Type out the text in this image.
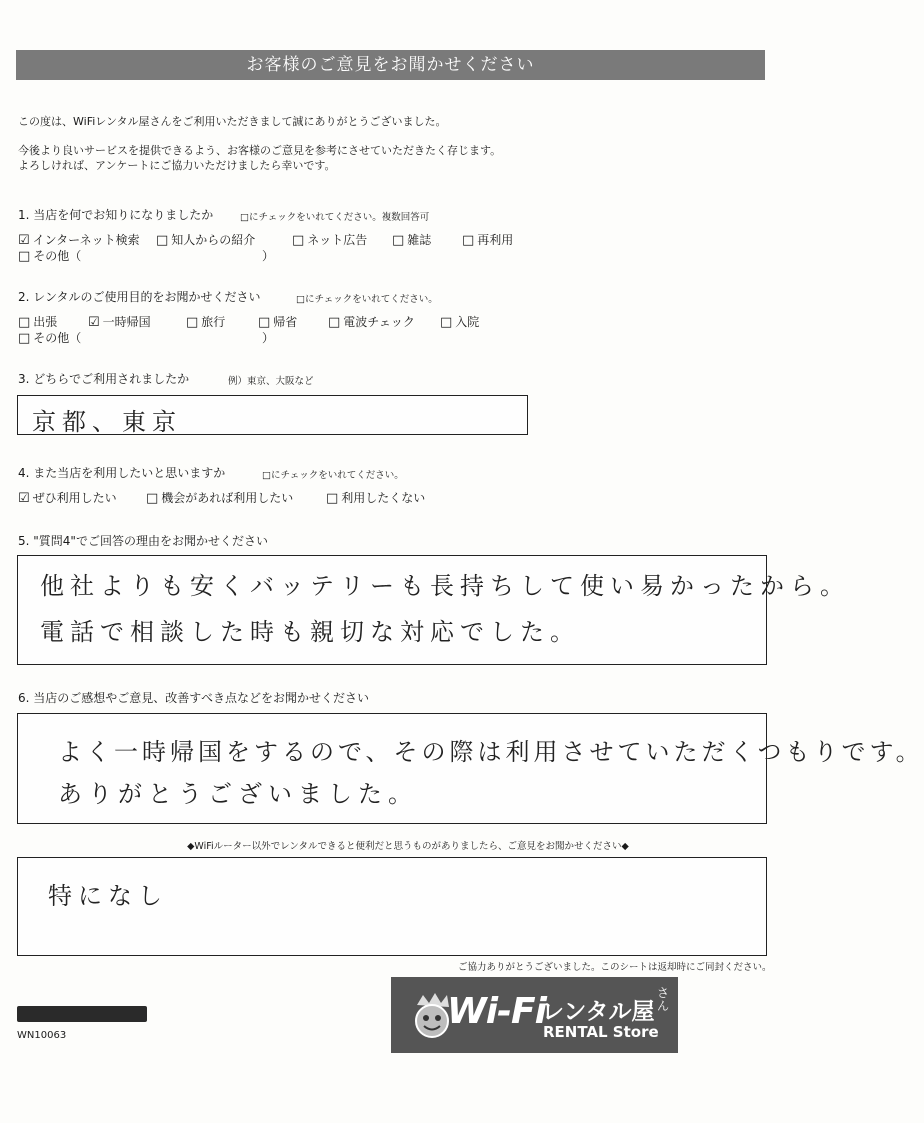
お客様のご意見をお聞かせください
この度は、WiFiレンタル屋さんをご利用いただきまして誠にありがとうございました。
今後より良いサービスを提供できるよう、お客様のご意見を参考にさせていただきたく存じます。
よろしければ、アンケートにご協力いただけましたら幸いです。
1. 当店を何でお知りになりましたか	□にチェックをいれてください。複数回答可
☑ インターネット検索 □ 知人からの紹介	□ ネット広告 □ 雑誌 □ 再利用
□ その他（	）
2. レンタルのご使用目的をお聞かせください	□にチェックをいれてください。
□ 出張 ☑ 一時帰国	□ 旅行	□ 帰省 □ 電波チェック □ 入院
□ その他（	）
3. どちらでご利用されましたか	例）東京、大阪など
京都、東京
4. また当店を利用したいと思いますか	□にチェックをいれてください。
☑ ぜひ利用したい □ 機会があれば利用したい	□ 利用したくない
5. "質問4"でご回答の理由をお聞かせください
他社よりも安くバッテリーも長持ちして使い易かったから。
電話で相談した時も親切な対応でした。
6. 当店のご感想やご意見、改善すべき点などをお聞かせください
よく一時帰国をするので、その際は利用させていただくつもりです。
ありがとうございました。
◆WiFiルーター以外でレンタルできると便利だと思うものがありましたら、ご意見をお聞かせください◆
特になし
ご協力ありがとうございました。このシートは返却時にご同封ください。
WN10063
Wi-Fi
レンタル屋
さん
RENTAL Store
